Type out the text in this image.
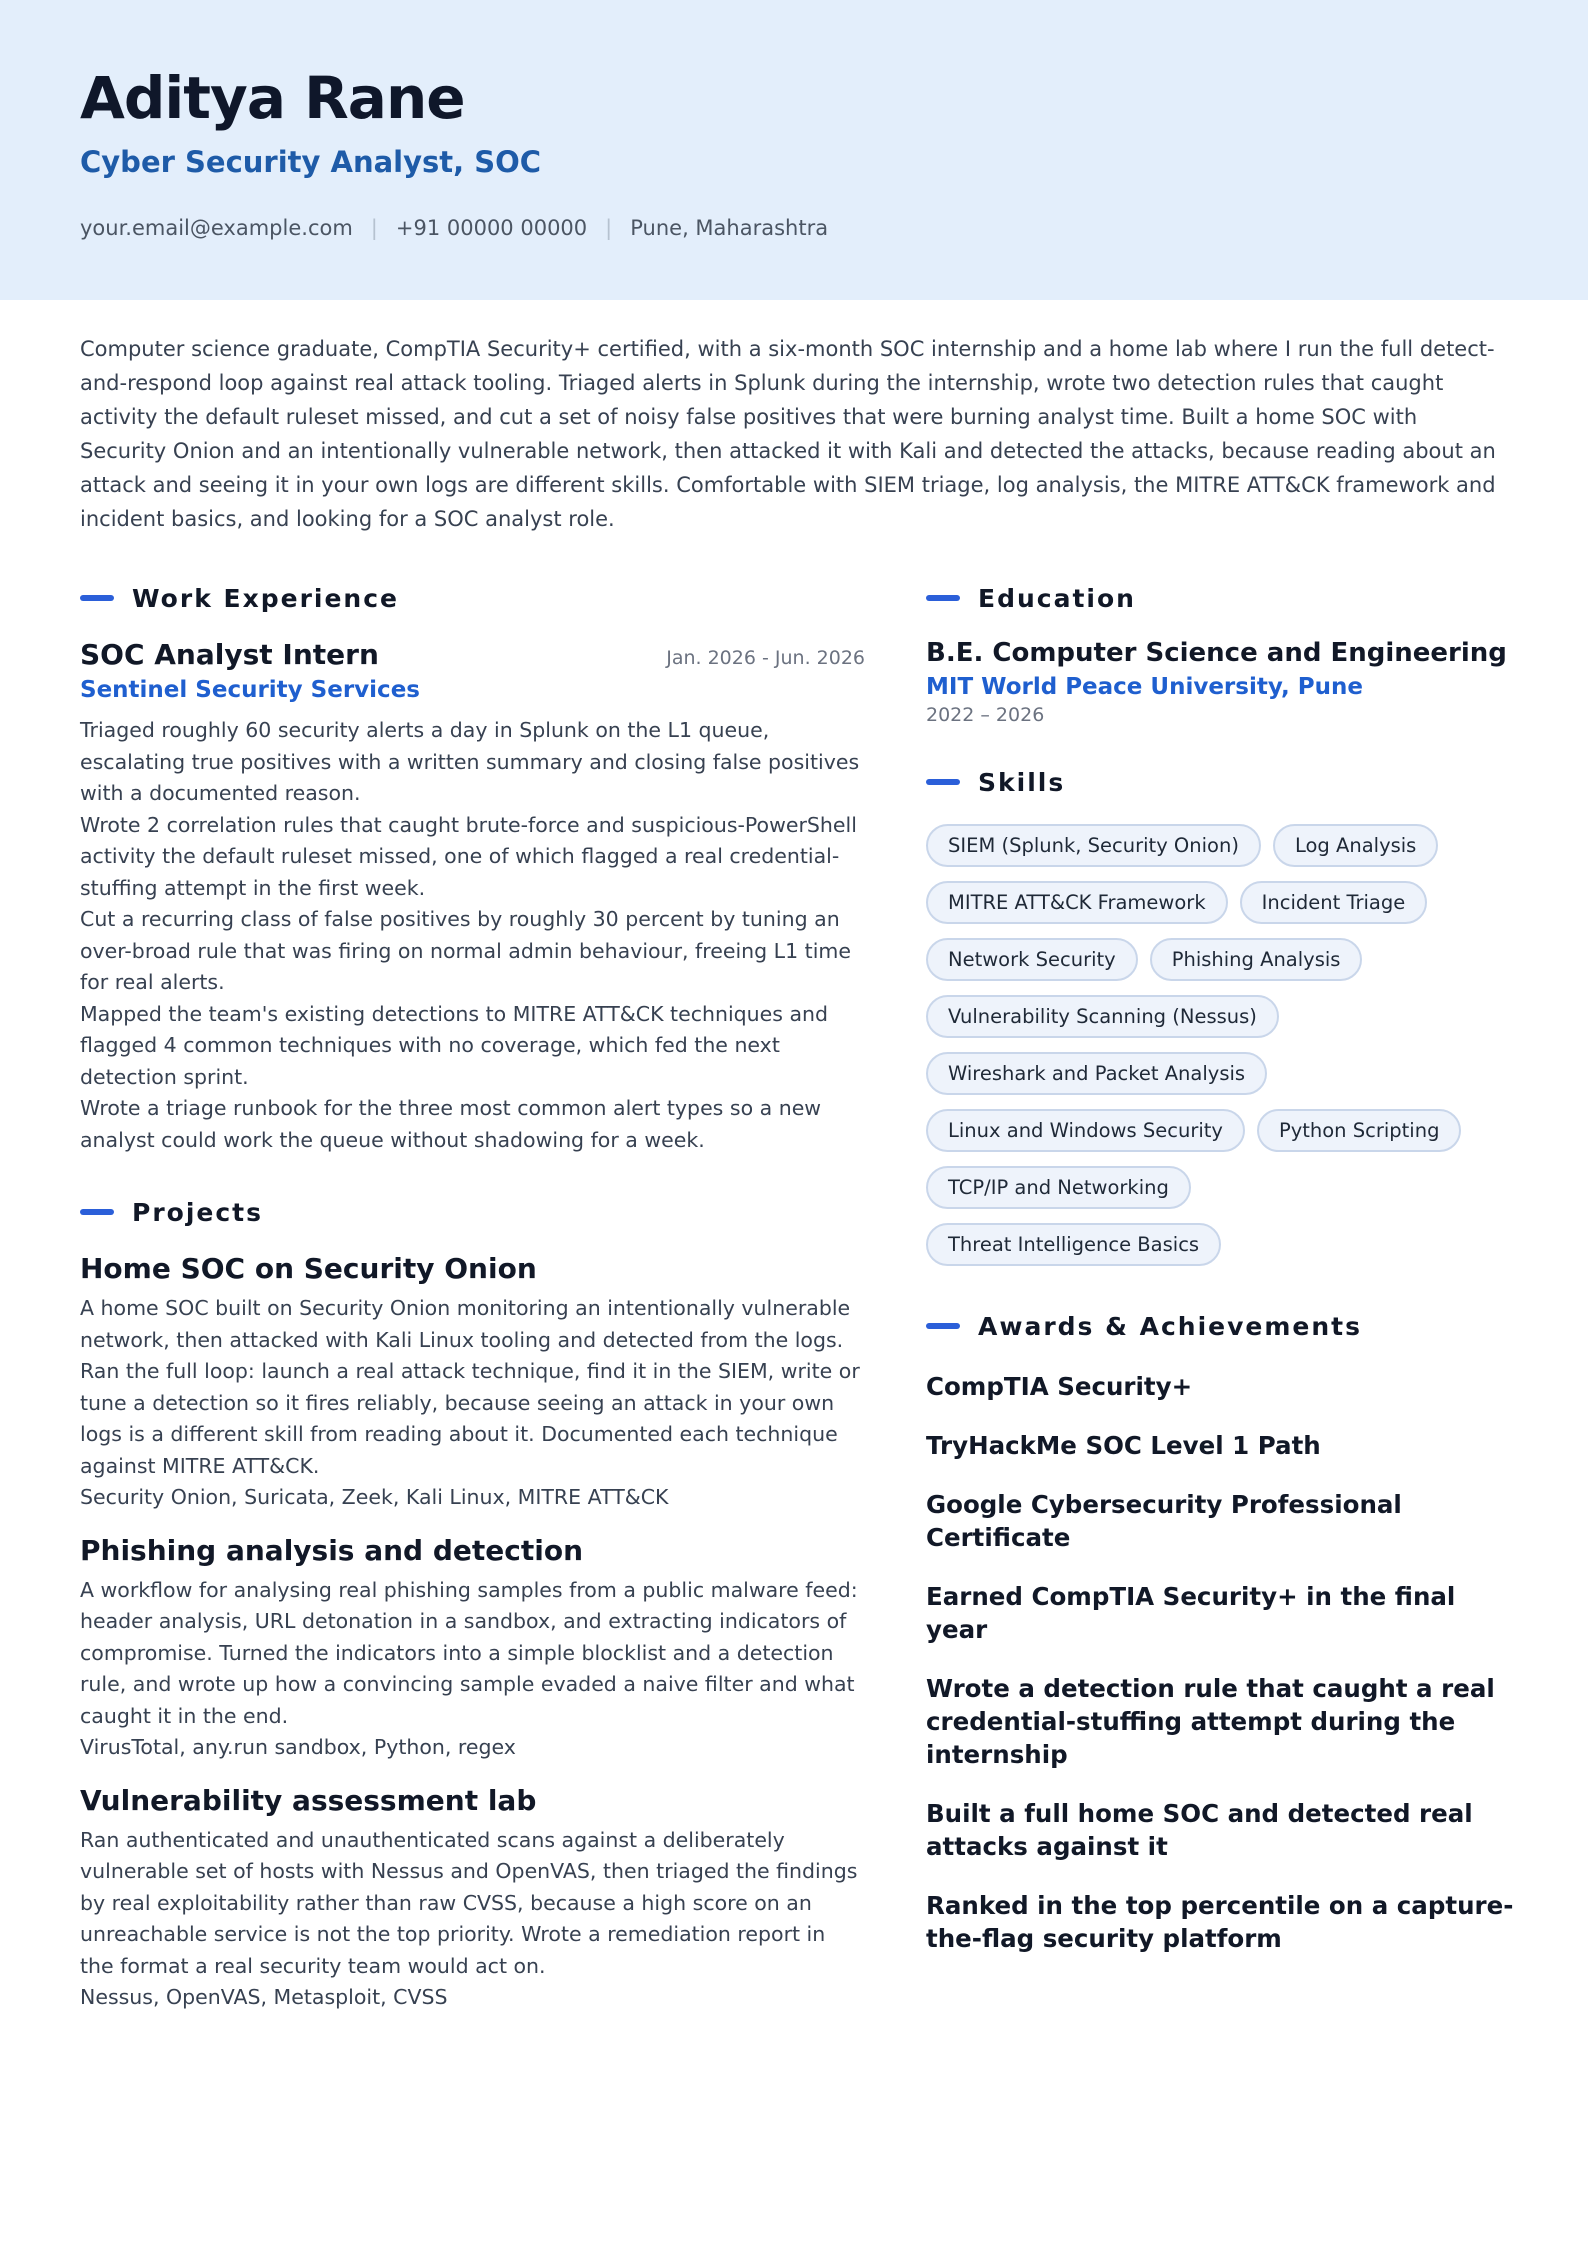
Aditya Rane
Cyber Security Analyst, SOC
your.email@example.com | +91 00000 00000 | Pune, Maharashtra
Computer science graduate, CompTIA Security+ certified, with a six-month SOC internship and a home lab where I run the full detect-and-respond loop against real attack tooling. Triaged alerts in Splunk during the internship, wrote two detection rules that caught activity the default ruleset missed, and cut a set of noisy false positives that were burning analyst time. Built a home SOC with Security Onion and an intentionally vulnerable network, then attacked it with Kali and detected the attacks, because reading about an attack and seeing it in your own logs are different skills. Comfortable with SIEM triage, log analysis, the MITRE ATT&CK framework and incident basics, and looking for a SOC analyst role.
Work Experience
SOC Analyst Intern	Jan. 2026 - Jun. 2026
Sentinel Security Services
Triaged roughly 60 security alerts a day in Splunk on the L1 queue, escalating true positives with a written summary and closing false positives with a documented reason.
Wrote 2 correlation rules that caught brute-force and suspicious-PowerShell activity the default ruleset missed, one of which flagged a real credential-stuffing attempt in the first week.
Cut a recurring class of false positives by roughly 30 percent by tuning an over-broad rule that was firing on normal admin behaviour, freeing L1 time for real alerts.
Mapped the team's existing detections to MITRE ATT&CK techniques and flagged 4 common techniques with no coverage, which fed the next detection sprint.
Wrote a triage runbook for the three most common alert types so a new analyst could work the queue without shadowing for a week.
Projects
Home SOC on Security Onion
A home SOC built on Security Onion monitoring an intentionally vulnerable network, then attacked with Kali Linux tooling and detected from the logs. Ran the full loop: launch a real attack technique, find it in the SIEM, write or tune a detection so it fires reliably, because seeing an attack in your own logs is a different skill from reading about it. Documented each technique against MITRE ATT&CK.
Security Onion, Suricata, Zeek, Kali Linux, MITRE ATT&CK
Phishing analysis and detection
A workflow for analysing real phishing samples from a public malware feed: header analysis, URL detonation in a sandbox, and extracting indicators of compromise. Turned the indicators into a simple blocklist and a detection rule, and wrote up how a convincing sample evaded a naive filter and what caught it in the end.
VirusTotal, any.run sandbox, Python, regex
Vulnerability assessment lab
Ran authenticated and unauthenticated scans against a deliberately vulnerable set of hosts with Nessus and OpenVAS, then triaged the findings by real exploitability rather than raw CVSS, because a high score on an unreachable service is not the top priority. Wrote a remediation report in the format a real security team would act on.
Nessus, OpenVAS, Metasploit, CVSS
Education
B.E. Computer Science and Engineering
MIT World Peace University, Pune
2022 – 2026
Skills
SIEM (Splunk, Security Onion)	Log Analysis
MITRE ATT&CK Framework	Incident Triage
Network Security	Phishing Analysis
Vulnerability Scanning (Nessus)
Wireshark and Packet Analysis
Linux and Windows Security	Python Scripting
TCP/IP and Networking
Threat Intelligence Basics
Awards & Achievements
CompTIA Security+
TryHackMe SOC Level 1 Path
Google Cybersecurity Professional Certificate
Earned CompTIA Security+ in the final year
Wrote a detection rule that caught a real credential-stuffing attempt during the internship
Built a full home SOC and detected real attacks against it
Ranked in the top percentile on a capture-the-flag security platform
